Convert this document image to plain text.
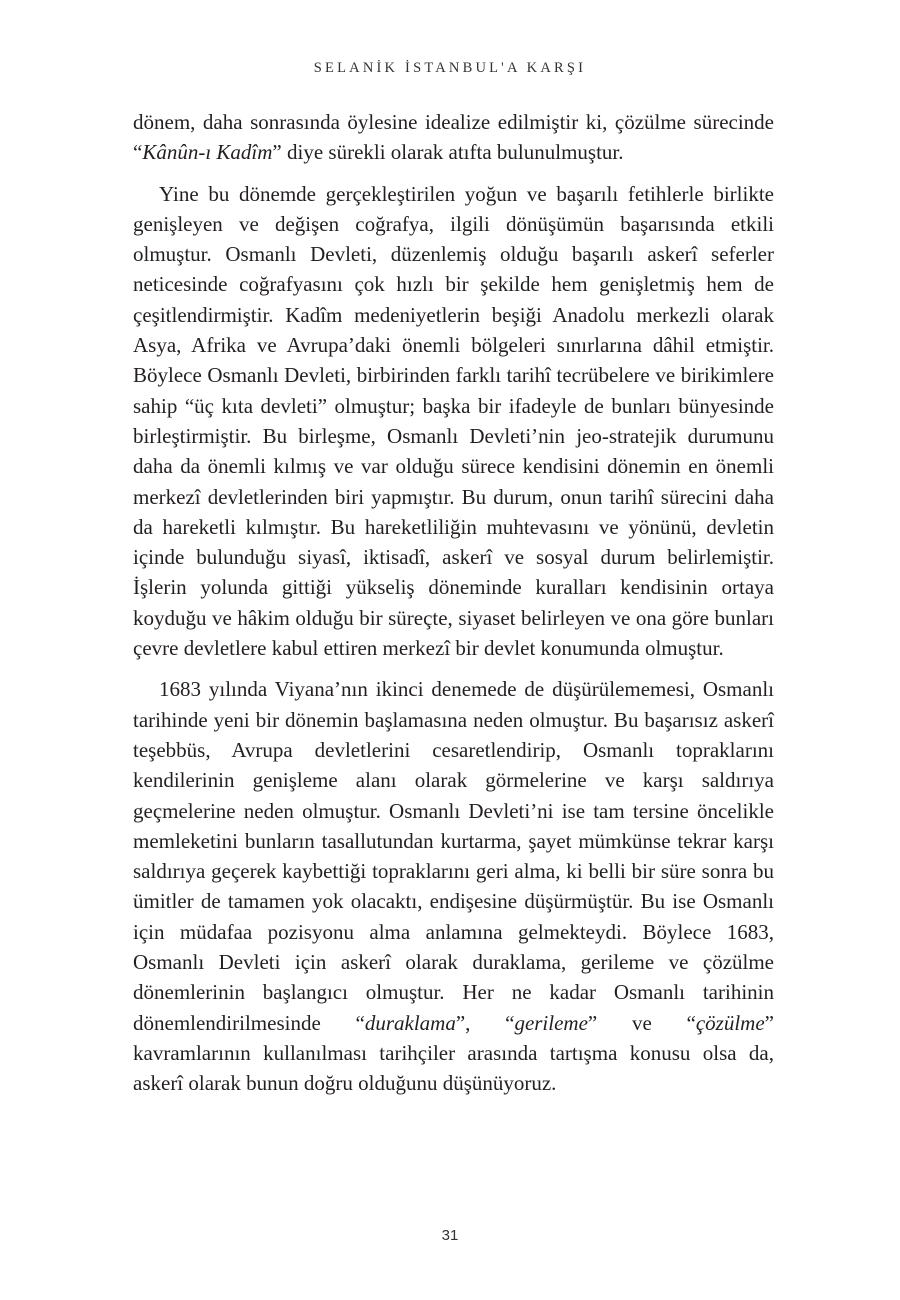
SELANİK İSTANBUL'A KARŞI

dönem, daha sonrasında öylesine idealize edilmiştir ki, çözülme sürecinde “Kânûn-ı Kadîm” diye sürekli olarak atıfta bulunulmuştur.

Yine bu dönemde gerçekleştirilen yoğun ve başarılı fetihlerle birlikte genişleyen ve değişen coğrafya, ilgili dönüşümün başarısında etkili olmuştur. Osmanlı Devleti, düzenlemiş olduğu başarılı askerî seferler neticesinde coğrafyasını çok hızlı bir şekilde hem genişletmiş hem de çeşitlendirmiştir. Kadîm medeniyetlerin beşiği Anadolu merkezli olarak Asya, Afrika ve Avrupa’daki önemli bölgeleri sınırlarına dâhil etmiştir. Böylece Osmanlı Devleti, birbirinden farklı tarihî tecrübelere ve birikimlere sahip “üç kıta devleti” olmuştur; başka bir ifadeyle de bunları bünyesinde birleştirmiştir. Bu birleşme, Osmanlı Devleti’nin jeo-stratejik durumunu daha da önemli kılmış ve var olduğu sürece kendisini dönemin en önemli merkezî devletlerinden biri yapmıştır. Bu durum, onun tarihî sürecini daha da hareketli kılmıştır. Bu hareketliliğin muhtevasını ve yönünü, devletin içinde bulunduğu siyasî, iktisadî, askerî ve sosyal durum belirlemiştir. İşlerin yolunda gittiği yükseliş döneminde kuralları kendisinin ortaya koyduğu ve hâkim olduğu bir süreçte, siyaset belirleyen ve ona göre bunları çevre devletlere kabul ettiren merkezî bir devlet konumunda olmuştur.

1683 yılında Viyana’nın ikinci denemede de düşürülememesi, Osmanlı tarihinde yeni bir dönemin başlamasına neden olmuştur. Bu başarısız askerî teşebbüs, Avrupa devletlerini cesaretlendirip, Osmanlı topraklarını kendilerinin genişleme alanı olarak görmelerine ve karşı saldırıya geçmelerine neden olmuştur. Osmanlı Devleti’ni ise tam tersine öncelikle memleketini bunların tasallutundan kurtarma, şayet mümkünse tekrar karşı saldırıya geçerek kaybettiği topraklarını geri alma, ki belli bir süre sonra bu ümitler de tamamen yok olacaktı, endişesine düşürmüştür. Bu ise Osmanlı için müdafaa pozisyonu alma anlamına gelmekteydi. Böylece 1683, Osmanlı Devleti için askerî olarak duraklama, gerileme ve çözülme dönemlerinin başlangıcı olmuştur. Her ne kadar Osmanlı tarihinin dönemlendirilmesinde “duraklama”, “gerileme” ve “çözülme” kavramlarının kullanılması tarihçiler arasında tartışma konusu olsa da, askerî olarak bunun doğru olduğunu düşünüyoruz.

31
